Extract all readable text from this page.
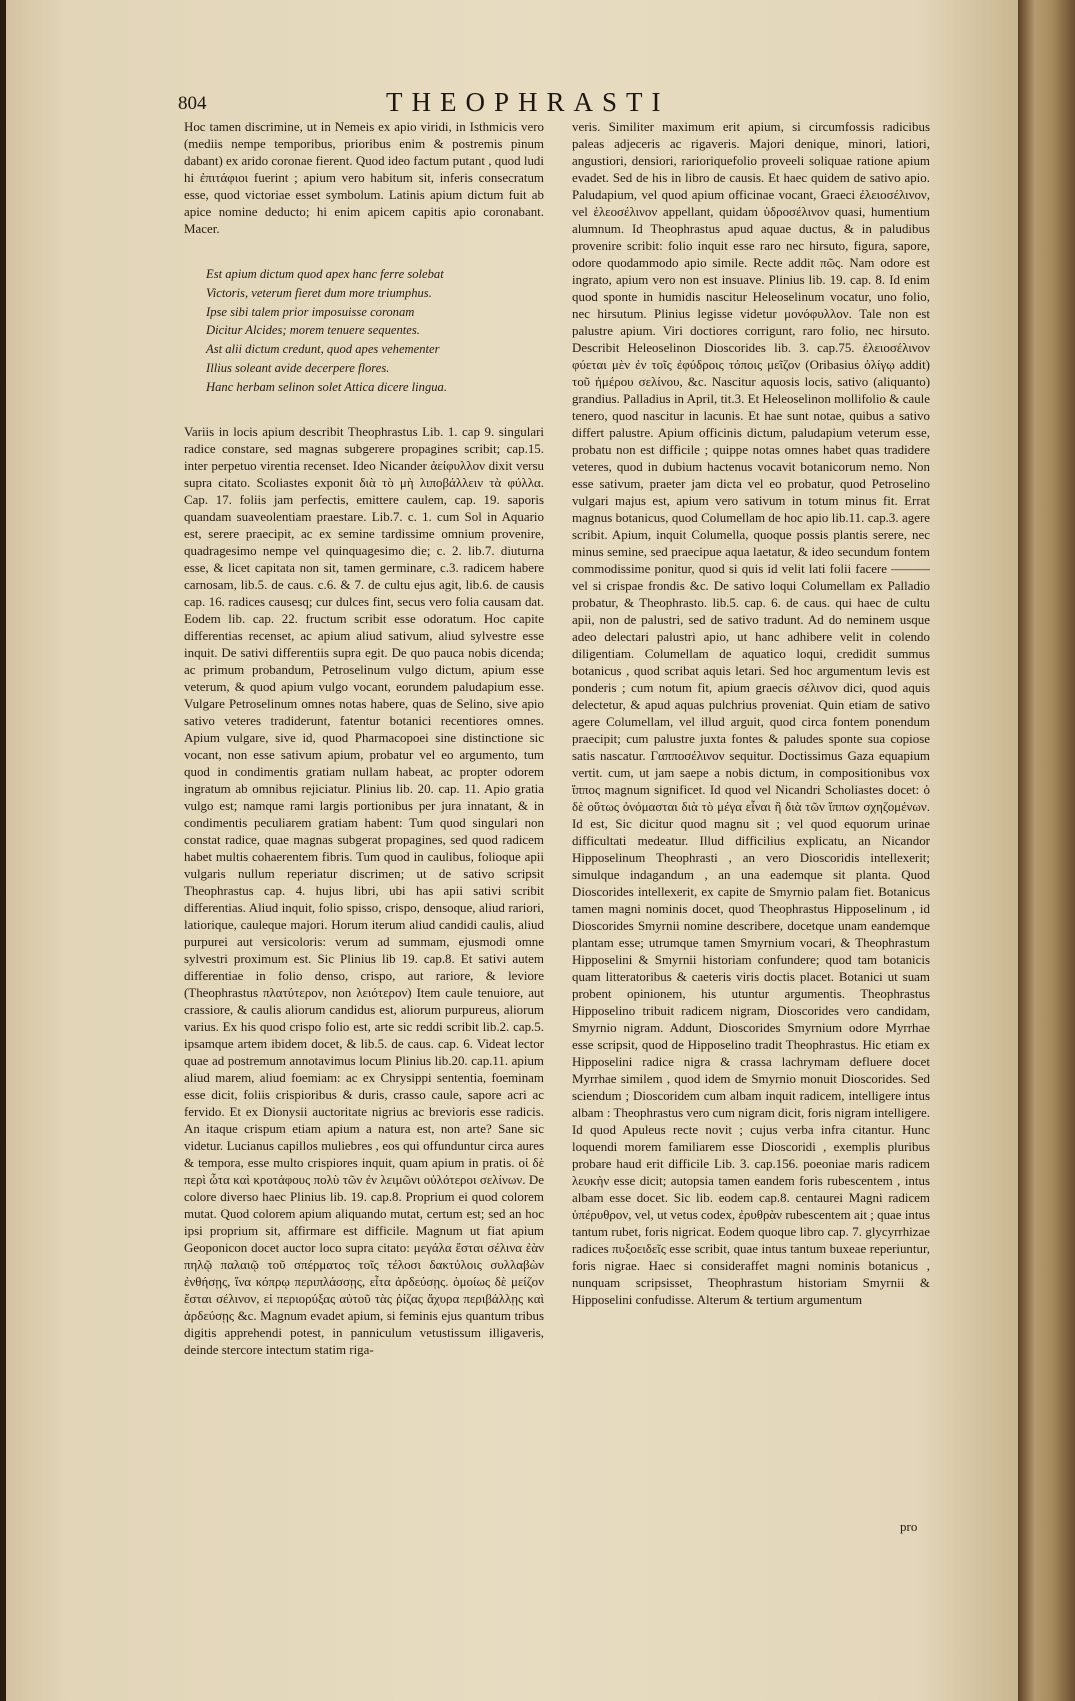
804	THEOPHRASTI

Hoc tamen discrimine, ut in Nemeis ex apio viridi, in Isthmicis vero (mediis nempe temporibus, prioribus enim & postremis pinum dabant) ex arido coronae fierent. Quod ideo factum putant , quod ludi hi ἐπιτάφιοι fuerint ; apium vero habitum sit, inferis consecratum esse, quod victoriae esset symbolum. Latinis apium dictum fuit ab apice nomine deducto; hi enim apicem capitis apio coronabant. Macer.

Est apium dictum quod apex hanc ferre solebat
Victoris, veterum fieret dum more triumphus.
Ipse sibi talem prior imposuisse coronam
Dicitur Alcides; morem tenuere sequentes.
Ast alii dictum credunt, quod apes vehementer
Illius soleant avide decerpere flores.
Hanc herbam selinon solet Attica dicere lingua.

Variis in locis apium describit Theophrastus Lib. 1. cap 9. singulari radice constare, sed magnas subgerere propagines scribit; cap.15. inter perpetuo virentia recenset. Ideo Nicander ἀείφυλλον dixit versu supra citato. Scoliastes exponit διὰ τὸ μὴ λιποβάλλειν τὰ φύλλα. Cap. 17. foliis jam perfectis, emittere caulem, cap. 19. saporis quandam suaveolentiam praestare. Lib.7. c. 1. cum Sol in Aquario est, serere praecipit, ac ex semine tardissime omnium provenire, quadragesimo nempe vel quinquagesimo die; c. 2. lib.7. diuturna esse, & licet capitata non sit, tamen germinare, c.3. radicem habere carnosam, lib.5. de caus. c.6. & 7. de cultu ejus agit, lib.6. de causis cap. 16. radices causesq; cur dulces fint, secus vero folia causam dat. Eodem lib. cap. 22. fructum scribit esse odoratum. Hoc capite differentias recenset, ac apium aliud sativum, aliud sylvestre esse inquit. De sativi differentiis supra egit. De quo pauca nobis dicenda; ac primum probandum, Petroselinum vulgo dictum, apium esse veterum, & quod apium vulgo vocant, eorundem paludapium esse. Vulgare Petroselinum omnes notas habere, quas de Selino, sive apio sativo veteres tradiderunt, fatentur botanici recentiores omnes. Apium vulgare, sive id, quod Pharmacopoei sine distinctione sic vocant, non esse sativum apium, probatur vel eo argumento, tum quod in condimentis gratiam nullam habeat, ac propter odorem ingratum ab omnibus rejiciatur. Plinius lib. 20. cap. 11. Apio gratia vulgo est; namque rami largis portionibus per jura innatant, & in condimentis peculiarem gratiam habent: Tum quod singulari non constat radice, quae magnas subgerat propagines, sed quod radicem habet multis cohaerentem fibris. Tum quod in caulibus, folioque apii vulgaris nullum reperiatur discrimen; ut de sativo scripsit Theophrastus cap. 4. hujus libri, ubi has apii sativi scribit differentias. Aliud inquit, folio spisso, crispo, densoque, aliud rariori, latiorique, cauleque majori. Horum iterum aliud candidi caulis, aliud purpurei aut versicoloris: verum ad summam, ejusmodi omne sylvestri proximum est. Sic Plinius lib 19. cap.8. Et sativi autem differentiae in folio denso, crispo, aut rariore, & leviore (Theophrastus πλατύτερον, non λειότερον) Item caule tenuiore, aut crassiore, & caulis aliorum candidus est, aliorum purpureus, aliorum varius. Ex his quod crispo folio est, arte sic reddi scribit lib.2. cap.5. ipsamque artem ibidem docet, & lib.5. de caus. cap. 6. Videat lector quae ad postremum annotavimus locum Plinius lib.20. cap.11. apium aliud marem, aliud foemiam: ac ex Chrysippi sententia, foeminam esse dicit, foliis crispioribus & duris, crasso caule, sapore acri ac fervido. Et ex Dionysii auctoritate nigrius ac brevioris esse radicis. An itaque crispum etiam apium a natura est, non arte? Sane sic videtur. Lucianus capillos muliebres , eos qui offunduntur circa aures & tempora, esse multo crispiores inquit, quam apium in pratis. οἱ δὲ περὶ ὦτα καὶ κροτάφους πολὺ τῶν ἐν λειμῶνι οὐλότεροι σελίνων. De colore diverso haec Plinius lib. 19. cap.8. Proprium ei quod colorem mutat. Quod colorem apium aliquando mutat, certum est; sed an hoc ipsi proprium sit, affirmare est difficile. Magnum ut fiat apium Geoponicon docet auctor loco supra citato: μεγάλα ἔσται σέλινα ἐὰν πηλῷ παλαιῷ τοῦ σπέρματος τοῖς τέλοσι δακτύλοις συλλαβὼν ἐνθήσῃς, ἵνα κόπρῳ περιπλάσσῃς, εἶτα ἀρδεύσῃς. ὁμοίως δὲ μείζον ἔσται σέλινον, εἰ περιορύξας αὐτοῦ τὰς ῥίζας ἄχυρα περιβάλλῃς καὶ ἀρδεύσῃς &c. Magnum evadet apium, si feminis ejus quantum tribus digitis apprehendi potest, in panniculum vetustissum illigaveris, deinde stercore intectum statim riga-

veris. Similiter maximum erit apium, si circumfossis radicibus paleas adjeceris ac rigaveris. Majori denique, minori, latiori, angustiori, densiori, rarioriquefolio proveeli soliquae ratione apium evadet. Sed de his in libro de causis. Et haec quidem de sativo apio. Paludapium, vel quod apium officinae vocant, Graeci ἐλειοσέλινον, vel ἑλεοσέλινον appellant, quidam ὑδροσέλινον quasi, humentium alumnum. Id Theophrastus apud aquae ductus, & in paludibus provenire scribit: folio inquit esse raro nec hirsuto, figura, sapore, odore quodammodo apio simile. Recte addit πῶς. Nam odore est ingrato, apium vero non est insuave. Plinius lib. 19. cap. 8. Id enim quod sponte in humidis nascitur Heleoselinum vocatur, uno folio, nec hirsutum. Plinius legisse videtur μονόφυλλον. Tale non est palustre apium. Viri doctiores corrigunt, raro folio, nec hirsuto. Describit Heleoselinon Dioscorides lib. 3. cap.75. ἐλειοσέλινον φύεται μὲν ἐν τοῖς ἐφύδροις τόποις μεῖζον (Oribasius ὀλίγῳ addit) τοῦ ἡμέρου σελίνου, &c. Nascitur aquosis locis, sativo (aliquanto) grandius. Palladius in April, tit.3. Et Heleoselinon mollifolio & caule tenero, quod nascitur in lacunis. Et hae sunt notae, quibus a sativo differt palustre. Apium officinis dictum, paludapium veterum esse, probatu non est difficile ; quippe notas omnes habet quas tradidere veteres, quod in dubium hactenus vocavit botanicorum nemo. Non esse sativum, praeter jam dicta vel eo probatur, quod Petroselino vulgari majus est, apium vero sativum in totum minus fit. Errat magnus botanicus, quod Columellam de hoc apio lib.11. cap.3. agere scribit. Apium, inquit Columella, quoque possis plantis serere, nec minus semine, sed praecipue aqua laetatur, & ideo secundum fontem commodissime ponitur, quod si quis id velit lati folii facere ——— vel si crispae frondis &c. De sativo loqui Columellam ex Palladio probatur, & Theophrasto. lib.5. cap. 6. de caus. qui haec de cultu apii, non de palustri, sed de sativo tradunt. Ad do neminem usque adeo delectari palustri apio, ut hanc adhibere velit in colendo diligentiam. Columellam de aquatico loqui, credidit summus botanicus , quod scribat aquis letari. Sed hoc argumentum levis est ponderis ; cum notum fit, apium graecis σέλινον dici, quod aquis delectetur, & apud aquas pulchrius proveniat. Quin etiam de sativo agere Columellam, vel illud arguit, quod circa fontem ponendum praecipit; cum palustre juxta fontes & paludes sponte sua copiose satis nascatur. Γαπποσέλινον sequitur. Doctissimus Gaza equapium vertit. cum, ut jam saepe a nobis dictum, in compositionibus vox ἵππος magnum significet. Id quod vel Nicandri Scholiastes docet: ὁ δὲ οὕτως ὀνόμασται διὰ τὸ μέγα εἶναι ἢ διὰ τῶν ἵππων σχηζομένων. Id est, Sic dicitur quod magnu sit ; vel quod equorum urinae difficultati medeatur. Illud difficilius explicatu, an Nicandor Hipposelinum Theophrasti , an vero Dioscoridis intellexerit; simulque indagandum , an una eademque sit planta. Quod Dioscorides intellexerit, ex capite de Smyrnio palam fiet. Botanicus tamen magni nominis docet, quod Theophrastus Hipposelinum , id Dioscorides Smyrnii nomine describere, docetque unam eandemque plantam esse; utrumque tamen Smyrnium vocari, & Theophrastum Hipposelini & Smyrnii historiam confundere; quod tam botanicis quam litteratoribus & caeteris viris doctis placet. Botanici ut suam probent opinionem, his utuntur argumentis. Theophrastus Hipposelino tribuit radicem nigram, Dioscorides vero candidam, Smyrnio nigram. Addunt, Dioscorides Smyrnium odore Myrrhae esse scripsit, quod de Hipposelino tradit Theophrastus. Hic etiam ex Hipposelini radice nigra & crassa lachrymam defluere docet Myrrhae similem , quod idem de Smyrnio monuit Dioscorides. Sed sciendum ; Dioscoridem cum albam inquit radicem, intelligere intus albam : Theophrastus vero cum nigram dicit, foris nigram intelligere. Id quod Apuleus recte novit ; cujus verba infra citantur. Hunc loquendi morem familiarem esse Dioscoridi , exemplis pluribus probare haud erit difficile Lib. 3. cap.156. poeoniae maris radicem λευκὴν esse dicit; autopsia tamen eandem foris rubescentem , intus albam esse docet. Sic lib. eodem cap.8. centaurei Magni radicem ὑπέρυθρον, vel, ut vetus codex, ἐρυθρὰν rubescentem ait ; quae intus tantum rubet, foris nigricat. Eodem quoque libro cap. 7. glycyrrhizae radices πυξοειδεῖς esse scribit, quae intus tantum buxeae reperiuntur, foris nigrae. Haec si consideraffet magni nominis botanicus , nunquam scripsisset, Theophrastum historiam Smyrnii & Hipposelini confudisse. Alterum & tertium argumentum

pro
